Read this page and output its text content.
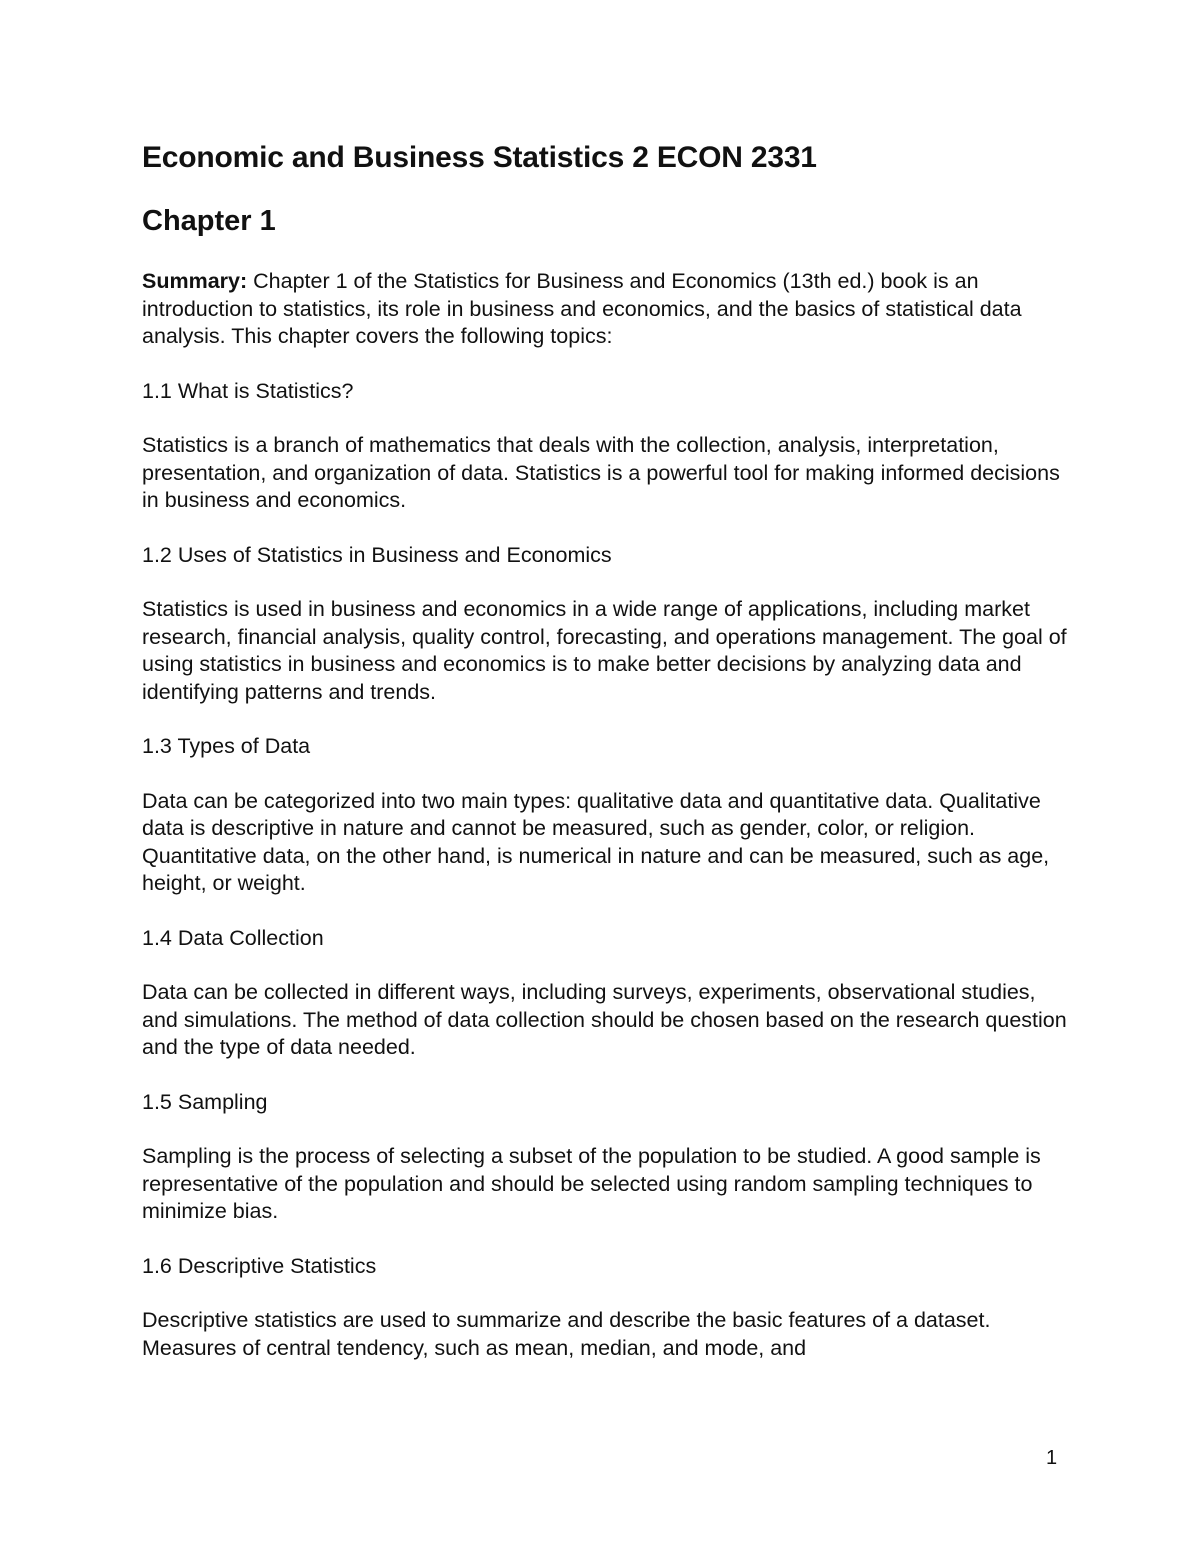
Economic and Business Statistics 2 ECON 2331
Chapter 1

Summary: Chapter 1 of the Statistics for Business and Economics (13th ed.) book is an introduction to statistics, its role in business and economics, and the basics of statistical data analysis. This chapter covers the following topics:

1.1 What is Statistics?

Statistics is a branch of mathematics that deals with the collection, analysis, interpretation, presentation, and organization of data. Statistics is a powerful tool for making informed decisions in business and economics.

1.2 Uses of Statistics in Business and Economics

Statistics is used in business and economics in a wide range of applications, including market research, financial analysis, quality control, forecasting, and operations management. The goal of using statistics in business and economics is to make better decisions by analyzing data and identifying patterns and trends.

1.3 Types of Data

Data can be categorized into two main types: qualitative data and quantitative data. Qualitative data is descriptive in nature and cannot be measured, such as gender, color, or religion. Quantitative data, on the other hand, is numerical in nature and can be measured, such as age, height, or weight.

1.4 Data Collection

Data can be collected in different ways, including surveys, experiments, observational studies, and simulations. The method of data collection should be chosen based on the research question and the type of data needed.

1.5 Sampling

Sampling is the process of selecting a subset of the population to be studied. A good sample is representative of the population and should be selected using random sampling techniques to minimize bias.

1.6 Descriptive Statistics

Descriptive statistics are used to summarize and describe the basic features of a dataset. Measures of central tendency, such as mean, median, and mode, and

1
